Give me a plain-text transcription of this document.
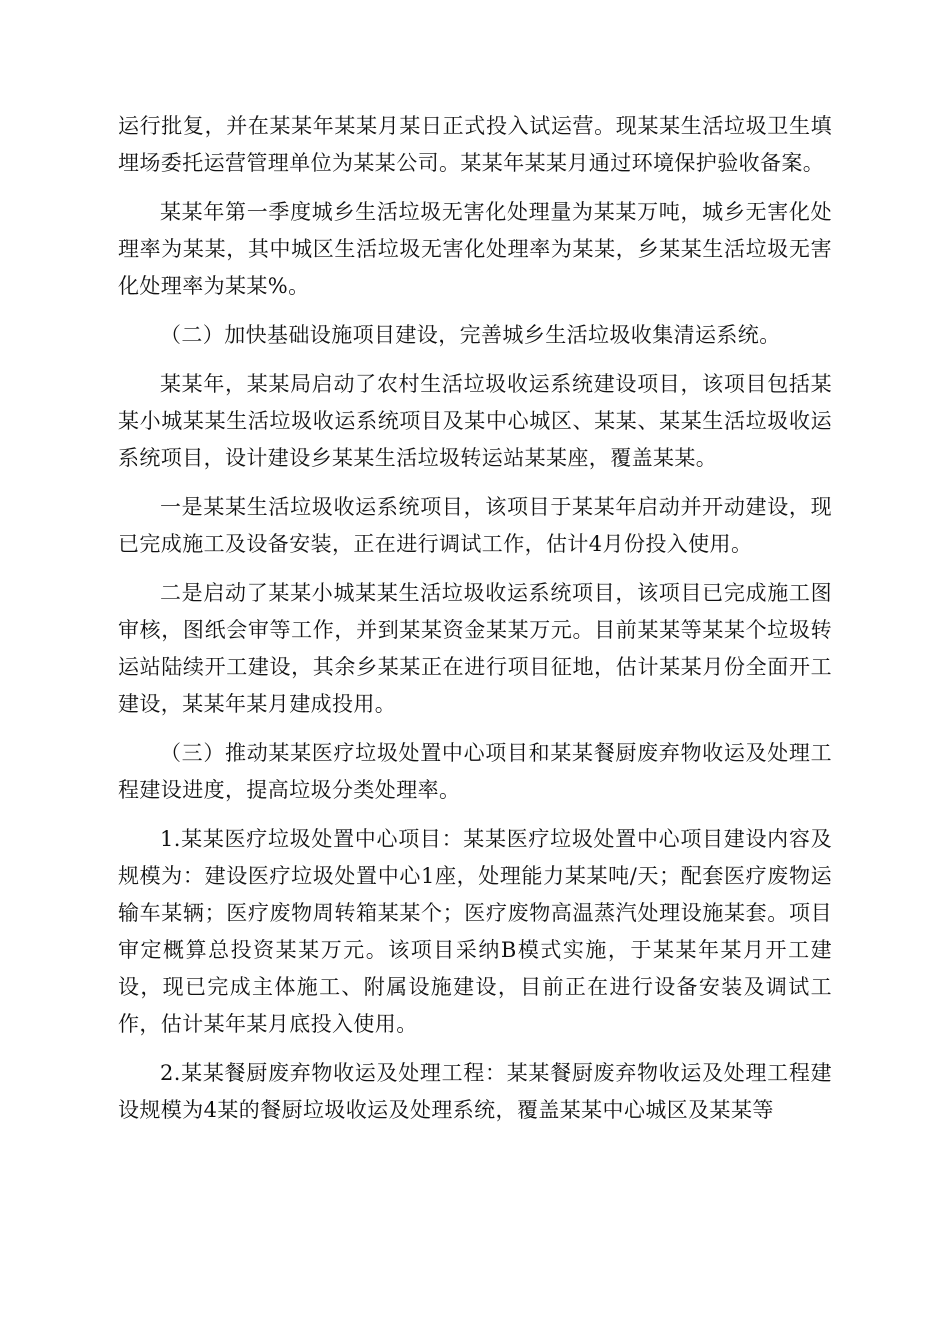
运行批复，并在某某年某某月某日正式投入试运营。现某某生活垃圾卫生填埋场委托运营管理单位为某某公司。某某年某某月通过环境保护验收备案。

某某年第一季度城乡生活垃圾无害化处理量为某某万吨，城乡无害化处理率为某某，其中城区生活垃圾无害化处理率为某某，乡某某生活垃圾无害化处理率为某某%。

（二）加快基础设施项目建设，完善城乡生活垃圾收集清运系统。

某某年，某某局启动了农村生活垃圾收运系统建设项目，该项目包括某某小城某某生活垃圾收运系统项目及某中心城区、某某、某某生活垃圾收运系统项目，设计建设乡某某生活垃圾转运站某某座，覆盖某某。

一是某某生活垃圾收运系统项目，该项目于某某年启动并开动建设，现已完成施工及设备安装，正在进行调试工作，估计4月份投入使用。

二是启动了某某小城某某生活垃圾收运系统项目，该项目已完成施工图审核，图纸会审等工作，并到某某资金某某万元。目前某某等某某个垃圾转运站陆续开工建设，其余乡某某正在进行项目征地，估计某某月份全面开工建设，某某年某月建成投用。

（三）推动某某医疗垃圾处置中心项目和某某餐厨废弃物收运及处理工程建设进度，提高垃圾分类处理率。

1.某某医疗垃圾处置中心项目：某某医疗垃圾处置中心项目建设内容及规模为：建设医疗垃圾处置中心1座，处理能力某某吨/天；配套医疗废物运输车某辆；医疗废物周转箱某某个；医疗废物高温蒸汽处理设施某套。项目审定概算总投资某某万元。该项目采纳B模式实施，于某某年某月开工建设，现已完成主体施工、附属设施建设，目前正在进行设备安装及调试工作，估计某年某月底投入使用。

2.某某餐厨废弃物收运及处理工程：某某餐厨废弃物收运及处理工程建设规模为4某的餐厨垃圾收运及处理系统，覆盖某某中心城区及某某等
